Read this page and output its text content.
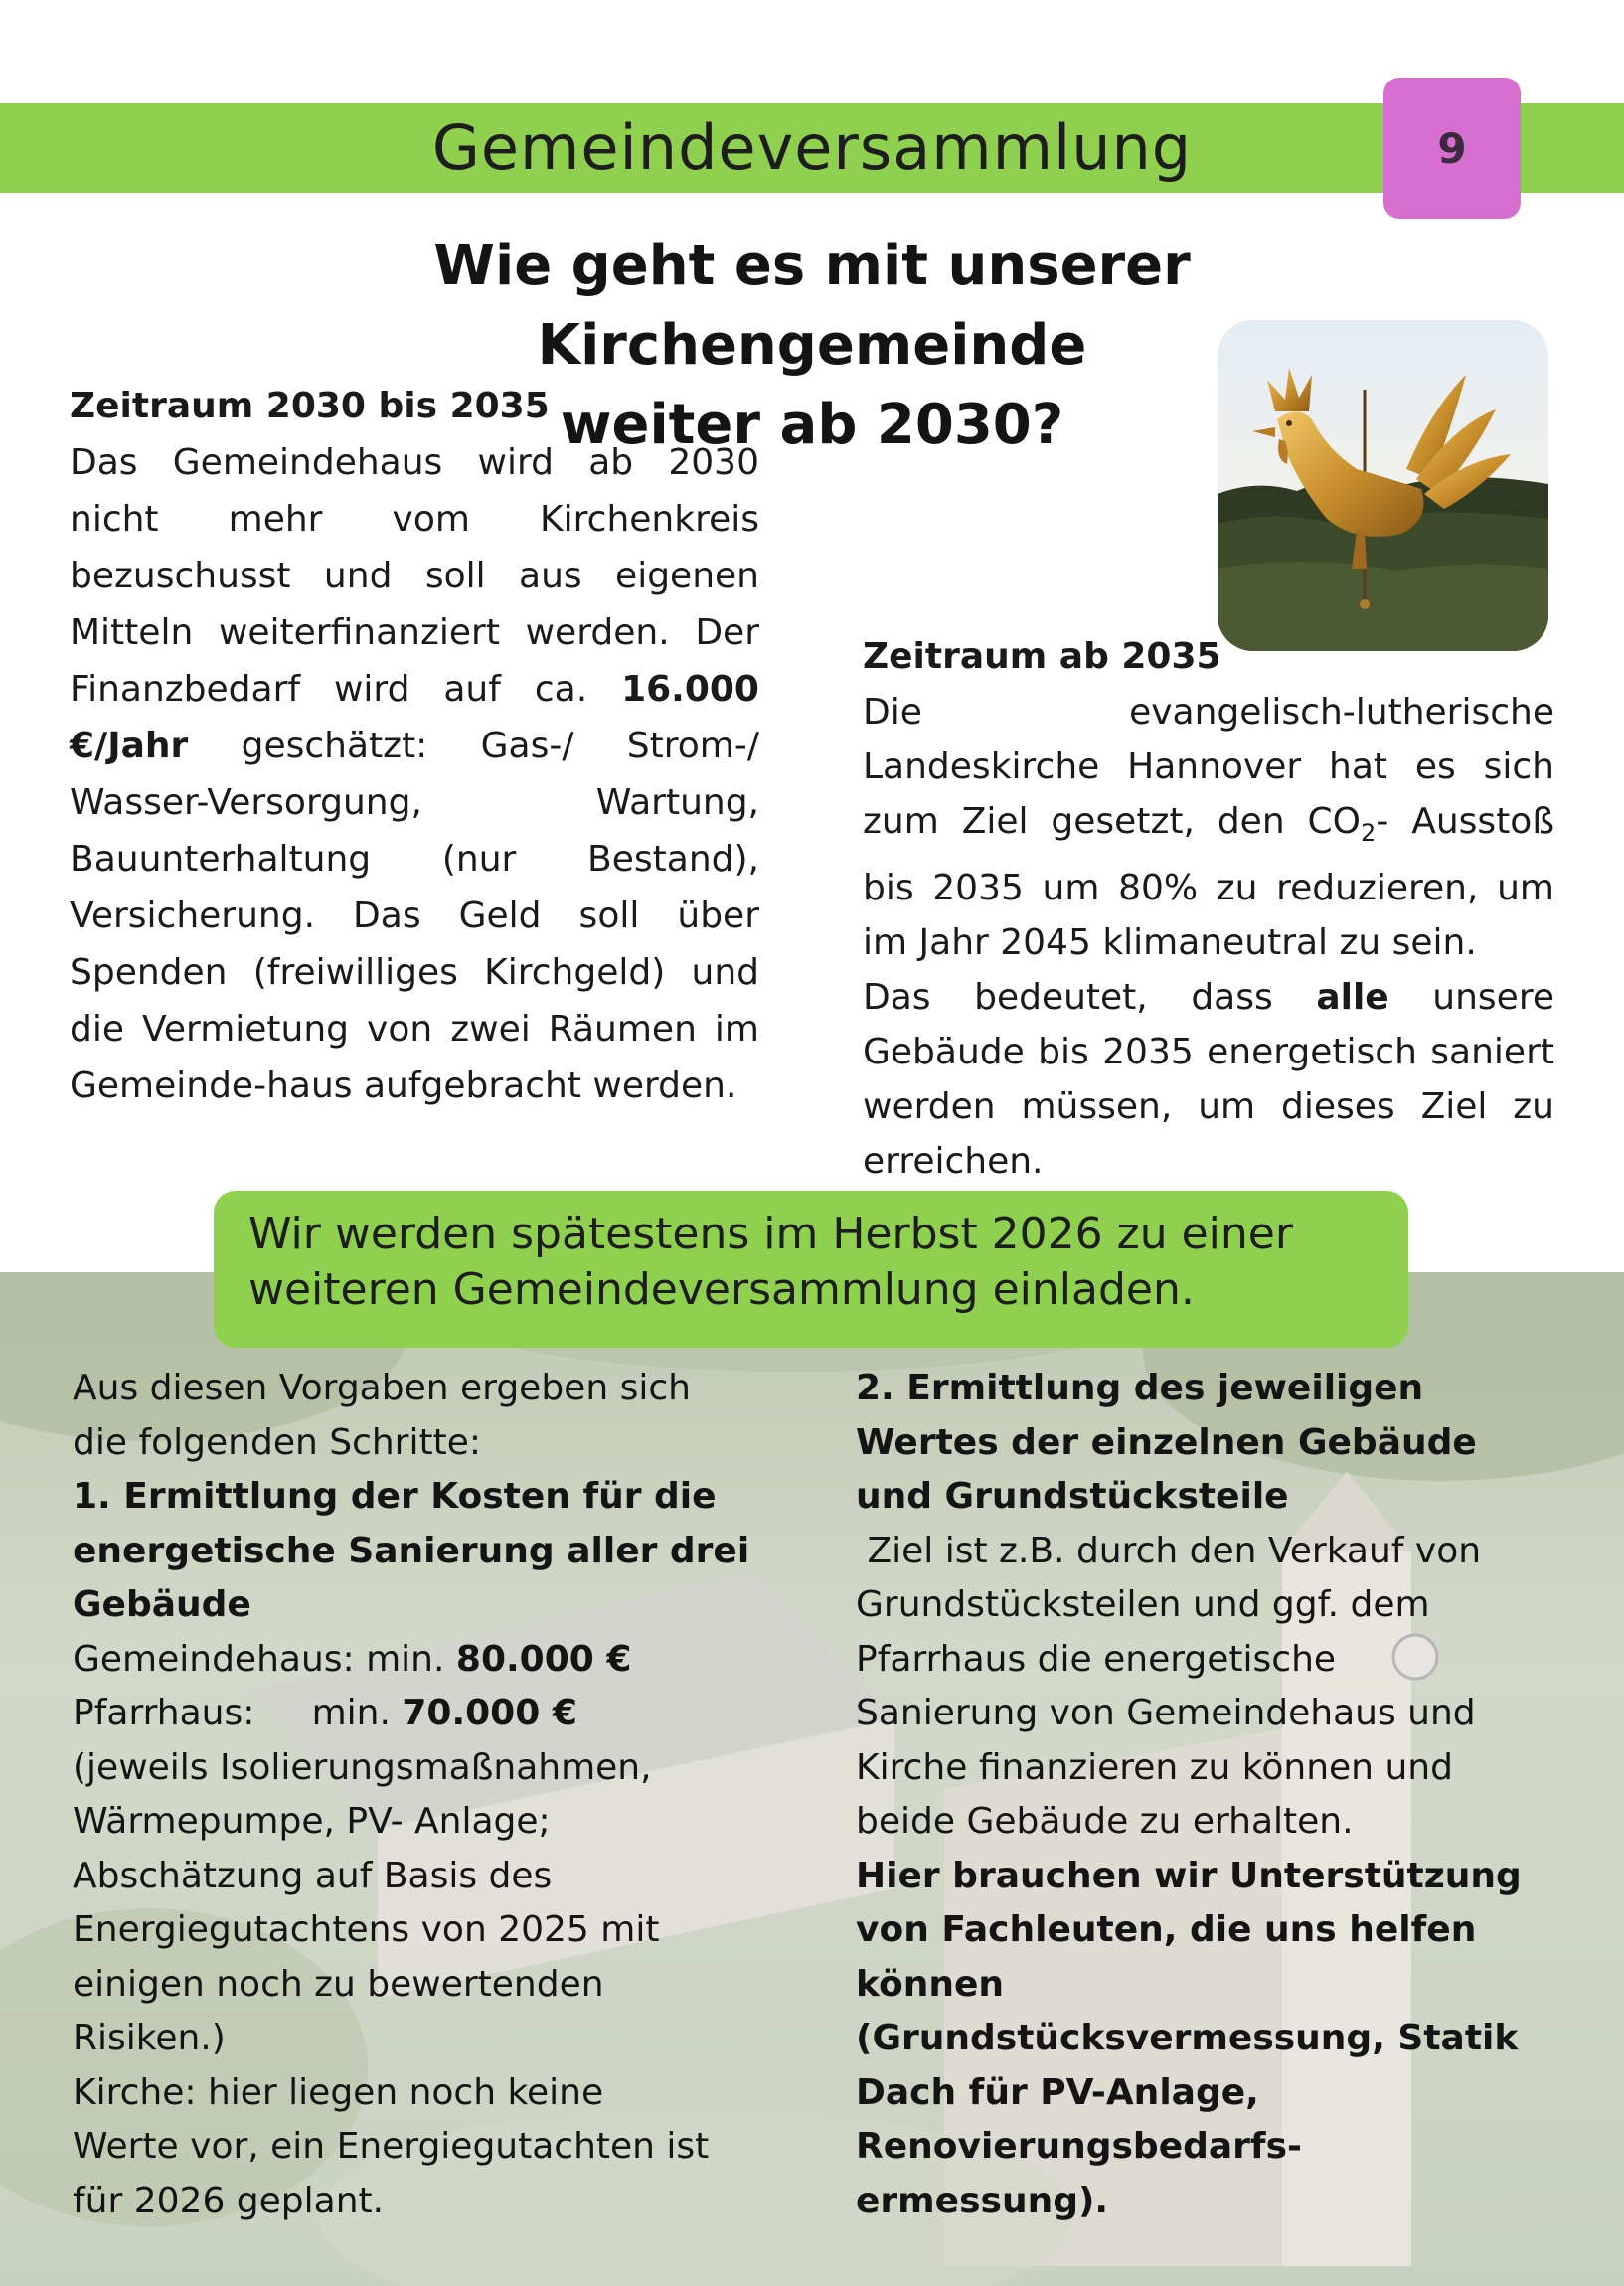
Gemeindeversammlung	9
Wie geht es mit unserer Kirchengemeinde
weiter ab 2030?
Zeitraum 2030 bis 2035

Das Gemeindehaus wird ab 2030 nicht mehr vom Kirchenkreis bezuschusst und soll aus eigenen Mitteln weiterfinanziert werden. Der Finanzbedarf wird auf ca. 16.000 €/Jahr geschätzt: Gas-/ Strom-/ Wasser-Versorgung, Wartung, Bauunterhaltung (nur Bestand), Versicherung. Das Geld soll über Spenden (freiwilliges Kirchgeld) und die Vermietung von zwei Räumen im Gemeinde-haus aufgebracht werden.

Zeitraum ab 2035

Die evangelisch-lutherische Landeskirche Hannover hat es sich zum Ziel gesetzt, den $CO_2-$ Ausstoß bis 2035 um 80% zu reduzieren, um im Jahr 2045 klimaneutral zu sein.

Das bedeutet, dass alle unsere Gebäude bis 2035 energetisch saniert werden müssen, um dieses Ziel zu erreichen.

Wir werden spätestens im Herbst 2026 zu einer
weiteren Gemeindeversammlung einladen.
Aus diesen Vorgaben ergeben sich
die folgenden Schritte:
1. Ermittlung der Kosten für die
energetische Sanierung aller drei
Gebäude
Gemeindehaus: min. 80.000 €
Pfarrhaus:     min. 70.000 €
(jeweils Isolierungsmaßnahmen,
Wärmepumpe, PV- Anlage;
Abschätzung auf Basis des
Energiegutachtens von 2025 mit
einigen noch zu bewertenden
Risiken.)
Kirche: hier liegen noch keine
Werte vor, ein Energiegutachten ist
für 2026 geplant.
2. Ermittlung des jeweiligen
Wertes der einzelnen Gebäude
und Grundstücksteile
Ziel ist z.B. durch den Verkauf von
Grundstücksteilen und ggf. dem
Pfarrhaus die energetische
Sanierung von Gemeindehaus und
Kirche finanzieren zu können und
beide Gebäude zu erhalten.
Hier brauchen wir Unterstützung
von Fachleuten, die uns helfen
können
(Grundstücksvermessung, Statik
Dach für PV-Anlage,
Renovierungsbedarfs-
ermessung).
